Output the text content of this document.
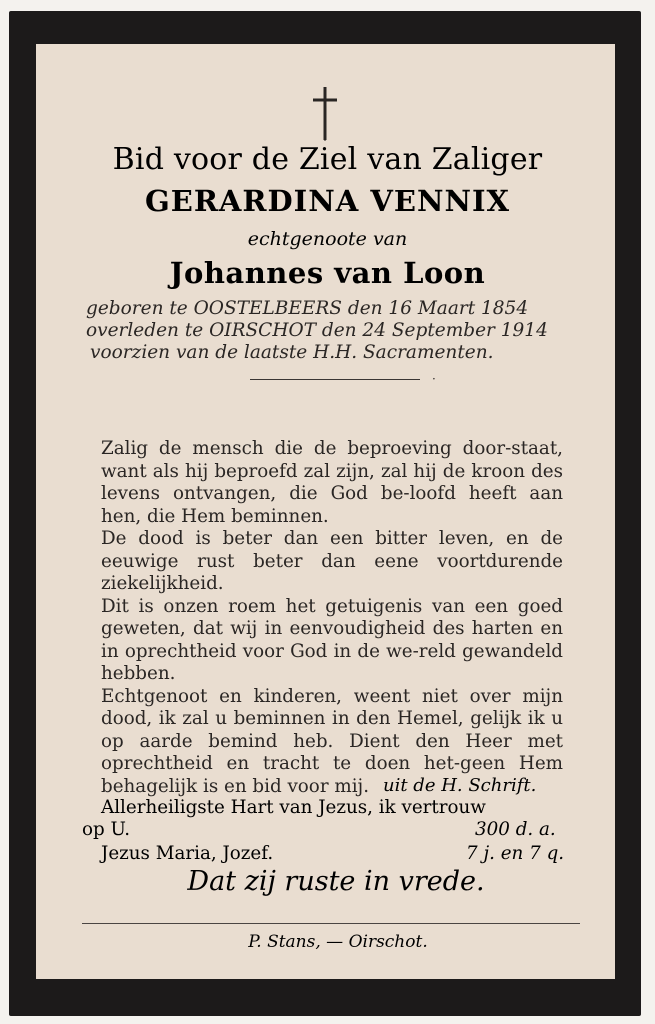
Bid voor de Ziel van Zaliger
GERARDINA VENNIX
echtgenoote van
Johannes van Loon
geboren te OOSTELBEERS den 16 Maart 1854
overleden te OIRSCHOT den 24 September 1914
voorzien van de laatste H.H. Sacramenten.
·
Zalig de mensch die de beproeving door-staat, want als hij beproefd zal zijn, zal hij de kroon des levens ontvangen, die God be-loofd heeft aan hen, die Hem beminnen.
De dood is beter dan een bitter leven, en de eeuwige rust beter dan eene voortdurende ziekelijkheid.
Dit is onzen roem het getuigenis van een goed geweten, dat wij in eenvoudigheid des harten en in oprechtheid voor God in de we-reld gewandeld hebben.
Echtgenoot en kinderen, weent niet over mijn dood, ik zal u beminnen in den Hemel, gelijk ik u op aarde bemind heb. Dient den Heer met oprechtheid en tracht te doen het-geen Hem behagelijk is en bid voor mij. uit de H. Schrift.
Allerheiligste Hart van Jezus, ik vertrouw
op U.	300 d. a.
Jezus Maria, Jozef.	7 j. en 7 q.
Dat zij ruste in vrede.
P. Stans, — Oirschot.
